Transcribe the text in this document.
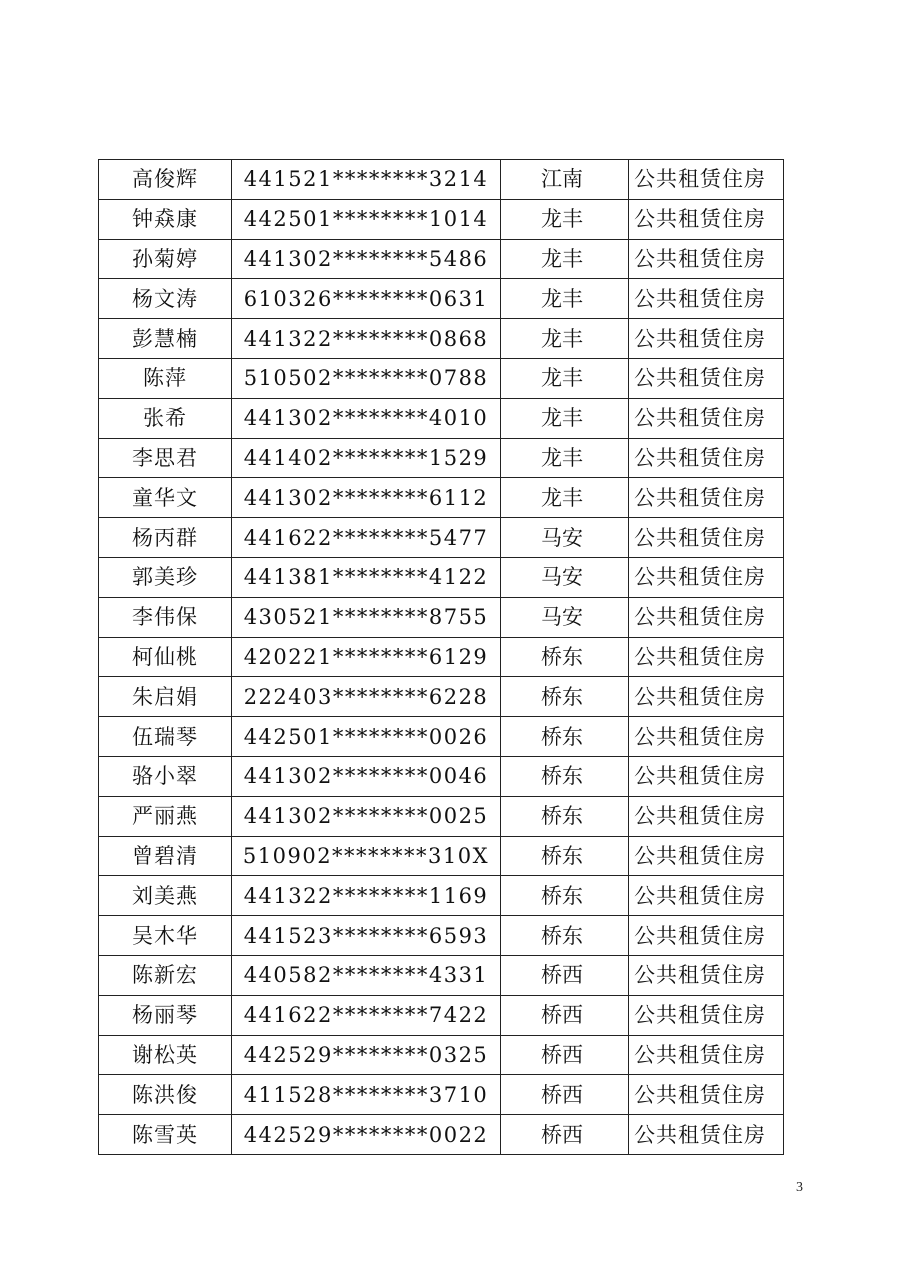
高俊辉	441521********3214	江南	公共租赁住房
钟猋康	442501********1014	龙丰	公共租赁住房
孙菊婷	441302********5486	龙丰	公共租赁住房
杨文涛	610326********0631	龙丰	公共租赁住房
彭慧楠	441322********0868	龙丰	公共租赁住房
陈萍	510502********0788	龙丰	公共租赁住房
张希	441302********4010	龙丰	公共租赁住房
李思君	441402********1529	龙丰	公共租赁住房
童华文	441302********6112	龙丰	公共租赁住房
杨丙群	441622********5477	马安	公共租赁住房
郭美珍	441381********4122	马安	公共租赁住房
李伟保	430521********8755	马安	公共租赁住房
柯仙桃	420221********6129	桥东	公共租赁住房
朱启娟	222403********6228	桥东	公共租赁住房
伍瑞琴	442501********0026	桥东	公共租赁住房
骆小翠	441302********0046	桥东	公共租赁住房
严丽燕	441302********0025	桥东	公共租赁住房
曾碧清	510902********310X	桥东	公共租赁住房
刘美燕	441322********1169	桥东	公共租赁住房
吴木华	441523********6593	桥东	公共租赁住房
陈新宏	440582********4331	桥西	公共租赁住房
杨丽琴	441622********7422	桥西	公共租赁住房
谢松英	442529********0325	桥西	公共租赁住房
陈洪俊	411528********3710	桥西	公共租赁住房
陈雪英	442529********0022	桥西	公共租赁住房
3
